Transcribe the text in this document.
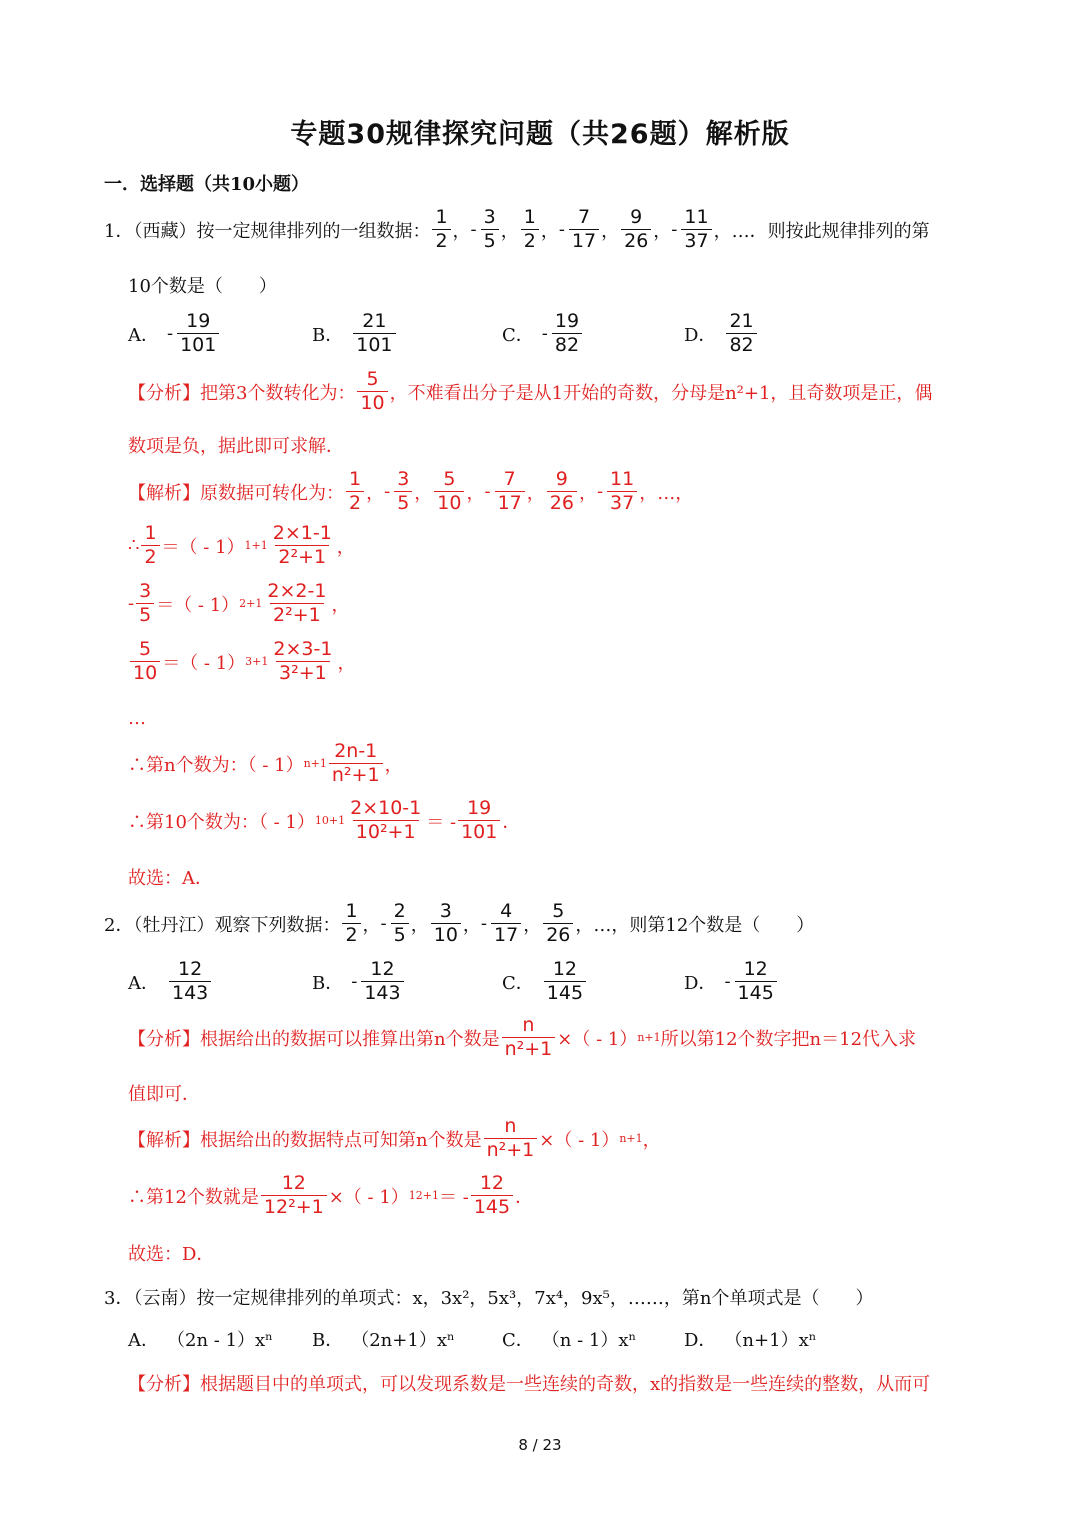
专题30规律探究问题（共26题）解析版
一．选择题（共10小题）
1．（西藏）按一定规律排列的一组数据： $\frac{1}{2}$ ， - $\frac{3}{5}$ ， $\frac{1}{2}$ ， - $\frac{7}{17}$ ， $\frac{9}{26}$ ， - $\frac{11}{37}$ ，…．则按此规律排列的第
10个数是（　　）
A． - $\frac{19}{101}$	B． $\frac{21}{101}$	C． - $\frac{19}{82}$	D． $\frac{21}{82}$
【分析】把第3个数转化为： $\frac{5}{10}$ ，不难看出分子是从1开始的奇数，分母是n²+1，且奇数项是正，偶
数项是负，据此即可求解．
【解析】原数据可转化为： $\frac{1}{2}$ ， - $\frac{3}{5}$ ， $\frac{5}{10}$ ， - $\frac{7}{17}$ ， $\frac{9}{26}$ ， - $\frac{11}{37}$ ，…，
∴ $\frac{1}{2}$ ＝（ - 1） $1+1 \frac{2\times 1-1}{\text{2²+1}}$ ，
- $\frac{3}{5}$ ＝（ - 1） $2+1 \frac{2\times 2-1}{\text{2²+1}}$ ，
$\frac{5}{10}$ ＝（ - 1） $3+1 \frac{2\times 3-1}{\text{3²+1}}$ ，
…
∴第n个数为：（ - 1） $n+1 \frac{2n-1}{\text{n²+1}}$ ，
∴第10个数为：（ - 1） $10+1 \frac{2\times 10-1}{\text{10²+1}}$ ＝ - $\frac{19}{101}$ ．
故选：A．
2．（牡丹江）观察下列数据： $\frac{1}{2}$ ， - $\frac{2}{5}$ ， $\frac{3}{10}$ ， - $\frac{4}{17}$ ， $\frac{5}{26}$ ，…，则第12个数是（　　）
A． $\frac{12}{143}$	B． - $\frac{12}{143}$	C． $\frac{12}{145}$	D． - $\frac{12}{145}$
【分析】根据给出的数据可以推算出第n个数是 $\frac{n}{\text{n²+1}}$ ×（ - 1） n+1 所以第12个数字把n＝12代入求
值即可．
【解析】根据给出的数据特点可知第n个数是 $\frac{n}{\text{n²+1}}$ ×（ - 1） n+1 ，
∴第12个数就是 $\frac{12}{\text{12²+1}}$ ×（ - 1） 12+1 ＝ - $\frac{12}{145}$ ．
故选：D．
3．（云南）按一定规律排列的单项式：x，3x²，5x³，7x⁴，9x⁵，……，第n个单项式是（　　）
A． （2n - 1）xⁿ B． （2n+1）xⁿ	C． （n - 1）xⁿ	D． （n+1）xⁿ
【分析】根据题目中的单项式，可以发现系数是一些连续的奇数，x的指数是一些连续的整数，从而可
8 / 23
